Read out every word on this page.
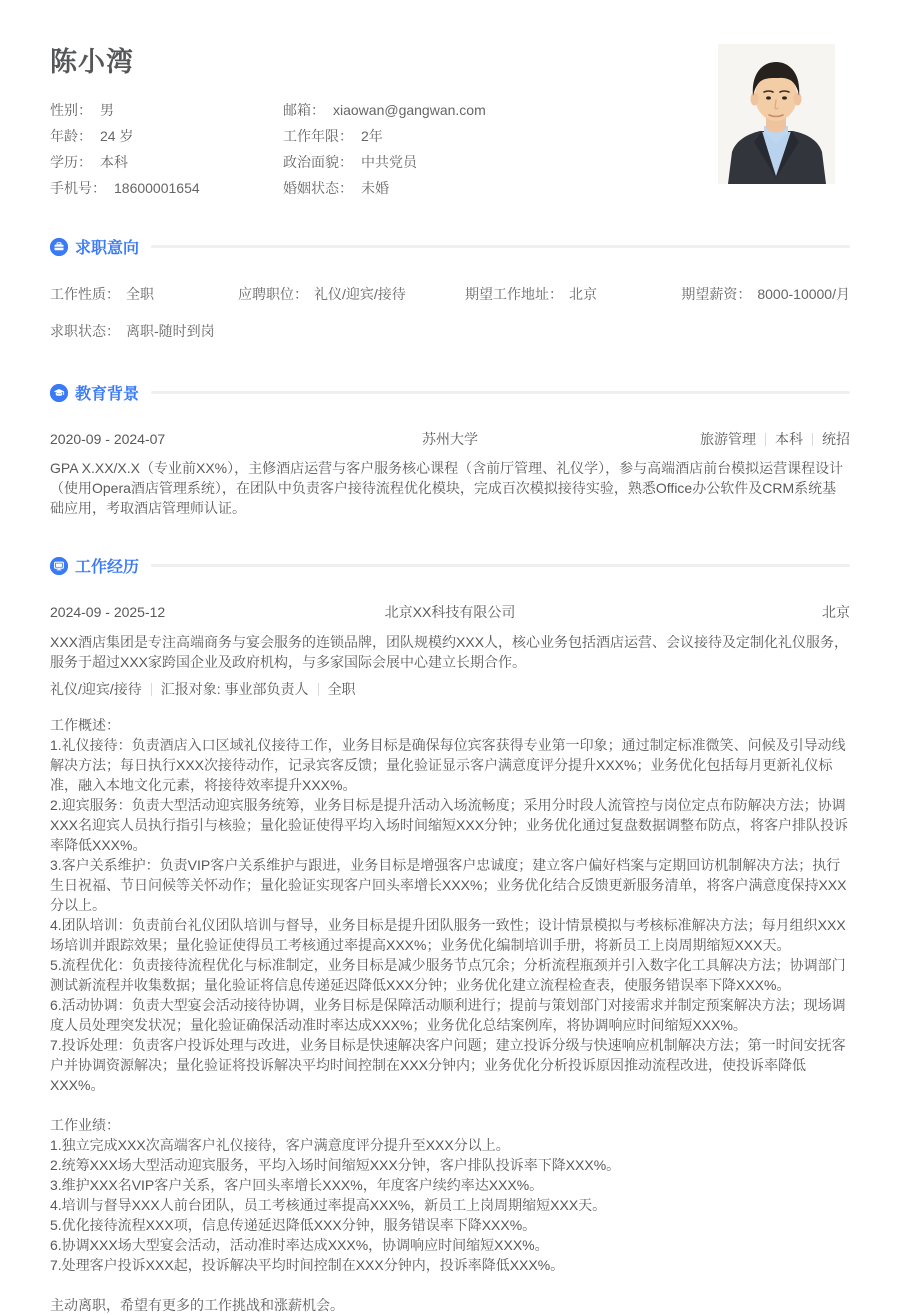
陈小湾
性别： 男
年龄： 24 岁
学历： 本科
手机号： 18600001654
邮箱： xiaowan@gangwan.com
工作年限： 2年
政治面貌： 中共党员
婚姻状态： 未婚
求职意向
工作性质： 全职	应聘职位： 礼仪/迎宾/接待	期望工作地址： 北京	期望薪资： 8000-10000/月
求职状态： 离职-随时到岗
教育背景
2020-09 - 2024-07	苏州大学	旅游管理 本科 统招

GPA X.XX/X.X（专业前XX%），主修酒店运营与客户服务核心课程（含前厅管理、礼仪学），参与高端酒店前台模拟运营课程设计（使用Opera酒店管理系统），在团队中负责客户接待流程优化模块，完成百次模拟接待实验，熟悉Office办公软件及CRM系统基础应用，考取酒店管理师认证。

工作经历
2024-09 - 2025-12	北京XX科技有限公司	北京

XXX酒店集团是专注高端商务与宴会服务的连锁品牌，团队规模约XXX人，核心业务包括酒店运营、会议接待及定制化礼仪服务，服务于超过XXX家跨国企业及政府机构，与多家国际会展中心建立长期合作。

礼仪/迎宾/接待 汇报对象: 事业部负责人 全职

工作概述：

1.礼仪接待：负责酒店入口区域礼仪接待工作，业务目标是确保每位宾客获得专业第一印象；通过制定标准微笑、问候及引导动线解决方法；每日执行XXX次接待动作，记录宾客反馈；量化验证显示客户满意度评分提升XXX%；业务优化包括每月更新礼仪标准，融入本地文化元素，将接待效率提升XXX%。

2.迎宾服务：负责大型活动迎宾服务统筹，业务目标是提升活动入场流畅度；采用分时段人流管控与岗位定点布防解决方法；协调XXX名迎宾人员执行指引与核验；量化验证使得平均入场时间缩短XXX分钟；业务优化通过复盘数据调整布防点，将客户排队投诉率降低XXX%。

3.客户关系维护：负责VIP客户关系维护与跟进，业务目标是增强客户忠诚度；建立客户偏好档案与定期回访机制解决方法；执行生日祝福、节日问候等关怀动作；量化验证实现客户回头率增长XXX%；业务优化结合反馈更新服务清单，将客户满意度保持XXX分以上。

4.团队培训：负责前台礼仪团队培训与督导，业务目标是提升团队服务一致性；设计情景模拟与考核标准解决方法；每月组织XXX场培训并跟踪效果；量化验证使得员工考核通过率提高XXX%；业务优化编制培训手册，将新员工上岗周期缩短XXX天。

5.流程优化：负责接待流程优化与标准制定，业务目标是减少服务节点冗余；分析流程瓶颈并引入数字化工具解决方法；协调部门测试新流程并收集数据；量化验证将信息传递延迟降低XXX分钟；业务优化建立流程检查表，使服务错误率下降XXX%。

6.活动协调：负责大型宴会活动接待协调，业务目标是保障活动顺利进行；提前与策划部门对接需求并制定预案解决方法；现场调度人员处理突发状况；量化验证确保活动准时率达成XXX%；业务优化总结案例库，将协调响应时间缩短XXX%。

7.投诉处理：负责客户投诉处理与改进，业务目标是快速解决客户问题；建立投诉分级与快速响应机制解决方法；第一时间安抚客户并协调资源解决；量化验证将投诉解决平均时间控制在XXX分钟内；业务优化分析投诉原因推动流程改进，使投诉率降低XXX%。

工作业绩：

1.独立完成XXX次高端客户礼仪接待，客户满意度评分提升至XXX分以上。

2.统筹XXX场大型活动迎宾服务，平均入场时间缩短XXX分钟，客户排队投诉率下降XXX%。

3.维护XXX名VIP客户关系，客户回头率增长XXX%，年度客户续约率达XXX%。

4.培训与督导XXX人前台团队，员工考核通过率提高XXX%，新员工上岗周期缩短XXX天。

5.优化接待流程XXX项，信息传递延迟降低XXX分钟，服务错误率下降XXX%。

6.协调XXX场大型宴会活动，活动准时率达成XXX%，协调响应时间缩短XXX%。

7.处理客户投诉XXX起，投诉解决平均时间控制在XXX分钟内，投诉率降低XXX%。

主动离职，希望有更多的工作挑战和涨薪机会。
